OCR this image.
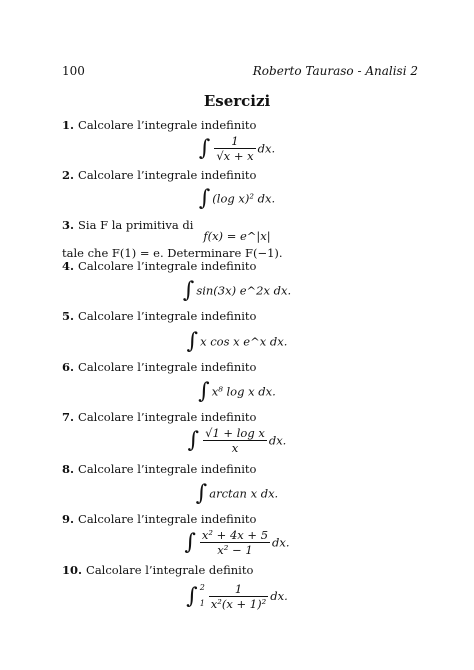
100	Roberto Tauraso - Analisi 2
Esercizi
1. Calcolare l’integrale indefinito
∫ $\frac{1}{√x + x}$ dx.
2. Calcolare l’integrale indefinito
∫ (log x)² dx.
3. Sia F la primitiva di
f(x) = e^|x|
tale che F(1) = e. Determinare F(−1).
4. Calcolare l’integrale indefinito
∫ sin(3x) e^2x dx.
5. Calcolare l’integrale indefinito
∫ x cos x e^x dx.
6. Calcolare l’integrale indefinito
∫ x⁸ log x dx.
7. Calcolare l’integrale indefinito
∫ $\frac{\text{√1 + log x}}{x}$ dx.
8. Calcolare l’integrale indefinito
∫ arctan x dx.
9. Calcolare l’integrale indefinito
∫ $\frac{\text{x² + 4x + 5}}{\text{x² − 1}}$ dx.
10. Calcolare l’integrale definito
∫ 2
$1 \frac{1}{\text{x²(x + 1)²}}$ dx.
